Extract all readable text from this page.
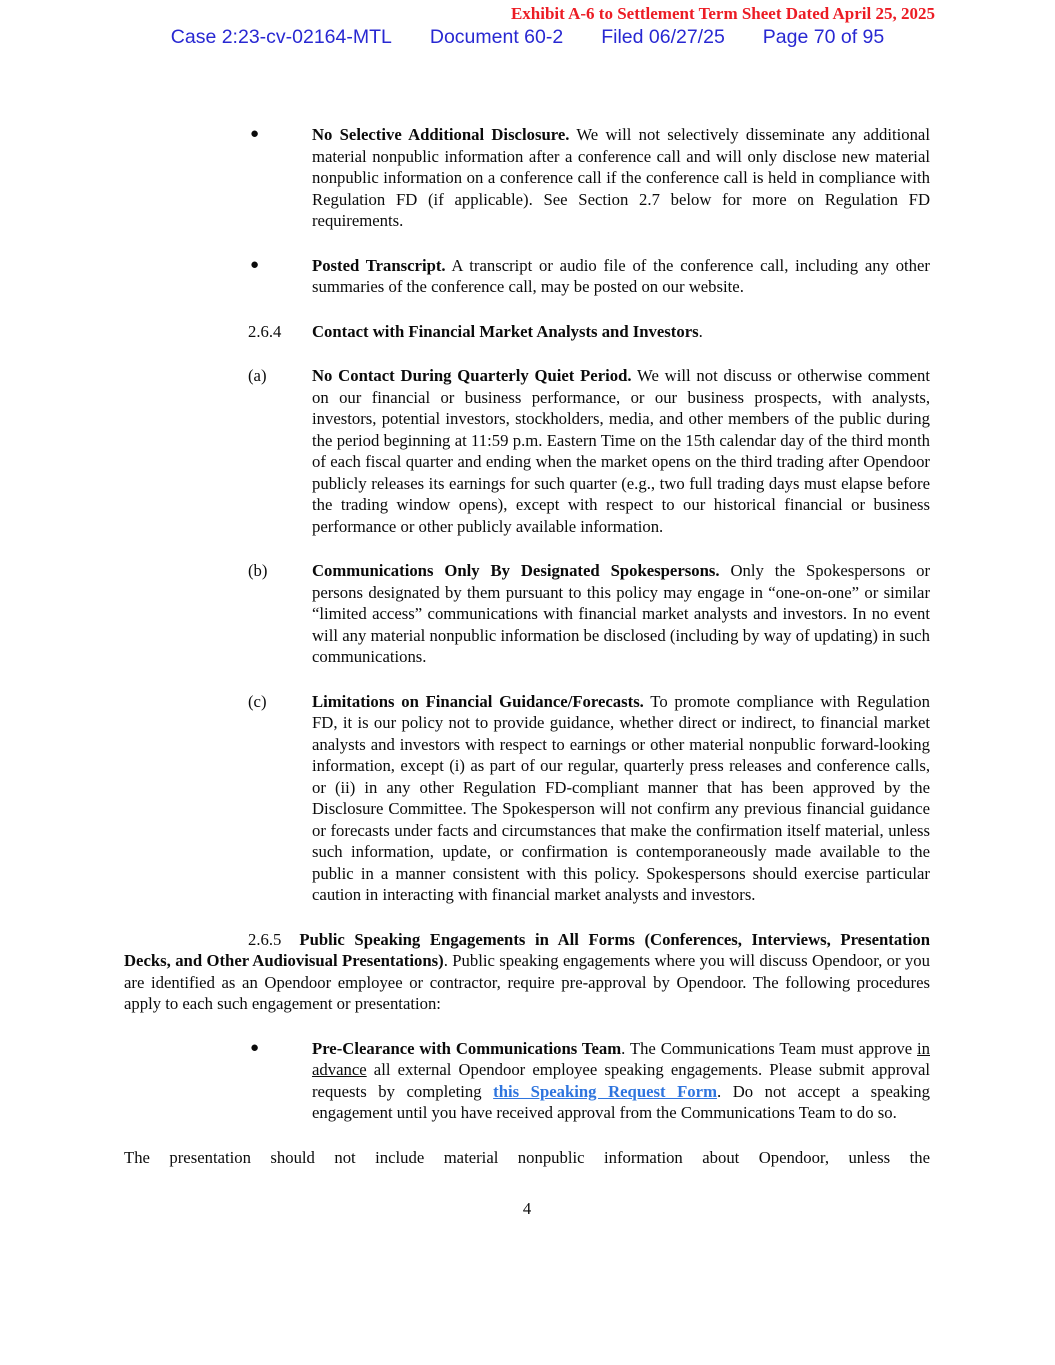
Exhibit A-6 to Settlement Term Sheet Dated April 25, 2025
Case 2:23-cv-02164-MTL Document 60-2 Filed 06/27/25 Page 70 of 95
●	No Selective Additional Disclosure. We will not selectively disseminate any additional material nonpublic information after a conference call and will only disclose new material nonpublic information on a conference call if the conference call is held in compliance with Regulation FD (if applicable). See Section 2.7 below for more on Regulation FD requirements.
●	Posted Transcript. A transcript or audio file of the conference call, including any other summaries of the conference call, may be posted on our website.
2.6.4 Contact with Financial Market Analysts and Investors.
(a)	No Contact During Quarterly Quiet Period. We will not discuss or otherwise comment on our financial or business performance, or our business prospects, with analysts, investors, potential investors, stockholders, media, and other members of the public during the period beginning at 11:59 p.m. Eastern Time on the 15th calendar day of the third month of each fiscal quarter and ending when the market opens on the third trading after Opendoor publicly releases its earnings for such quarter (e.g., two full trading days must elapse before the trading window opens), except with respect to our historical financial or business performance or other publicly available information.
(b)	Communications Only By Designated Spokespersons. Only the Spokespersons or persons designated by them pursuant to this policy may engage in “one-on-one” or similar “limited access” communications with financial market analysts and investors. In no event will any material nonpublic information be disclosed (including by way of updating) in such communications.
(c)	Limitations on Financial Guidance/Forecasts. To promote compliance with Regulation FD, it is our policy not to provide guidance, whether direct or indirect, to financial market analysts and investors with respect to earnings or other material nonpublic forward-looking information, except (i) as part of our regular, quarterly press releases and conference calls, or (ii) in any other Regulation FD-compliant manner that has been approved by the Disclosure Committee. The Spokesperson will not confirm any previous financial guidance or forecasts under facts and circumstances that make the confirmation itself material, unless such information, update, or confirmation is contemporaneously made available to the public in a manner consistent with this policy. Spokespersons should exercise particular caution in interacting with financial market analysts and investors.
2.6.5 Public Speaking Engagements in All Forms (Conferences, Interviews, Presentation Decks, and Other Audiovisual Presentations). Public speaking engagements where you will discuss Opendoor, or you are identified as an Opendoor employee or contractor, require pre-approval by Opendoor. The following procedures apply to each such engagement or presentation:
●	Pre-Clearance with Communications Team. The Communications Team must approve in advance all external Opendoor employee speaking engagements. Please submit approval requests by completing this Speaking Request Form. Do not accept a speaking engagement until you have received approval from the Communications Team to do so.
The presentation should not include material nonpublic information about Opendoor, unless the
4
